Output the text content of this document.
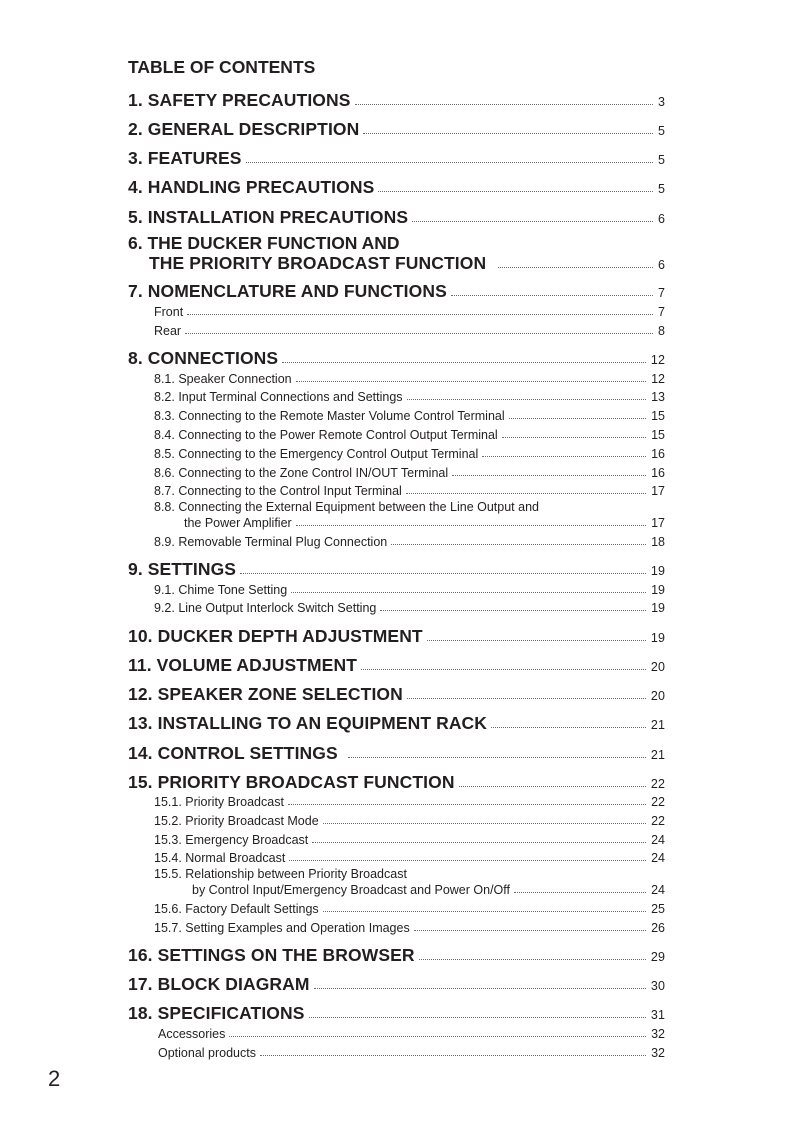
TABLE OF CONTENTS
1. SAFETY PRECAUTIONS	3
2. GENERAL DESCRIPTION	5
3. FEATURES	5
4. HANDLING PRECAUTIONS	5
5. INSTALLATION PRECAUTIONS	6
6. THE DUCKER FUNCTION AND
THE PRIORITY BROADCAST FUNCTION	6
7. NOMENCLATURE AND FUNCTIONS	7
Front	7
Rear	8
8. CONNECTIONS	12
8.1. Speaker Connection	12
8.2. Input Terminal Connections and Settings	13
8.3. Connecting to the Remote Master Volume Control Terminal	15
8.4. Connecting to the Power Remote Control Output Terminal	15
8.5. Connecting to the Emergency Control Output Terminal	16
8.6. Connecting to the Zone Control IN/OUT Terminal	16
8.7. Connecting to the Control Input Terminal	17
8.8. Connecting the External Equipment between the Line Output and
the Power Amplifier	17
8.9. Removable Terminal Plug Connection	18
9. SETTINGS	19
9.1. Chime Tone Setting	19
9.2. Line Output Interlock Switch Setting	19
10. DUCKER DEPTH ADJUSTMENT	19
11. VOLUME ADJUSTMENT	20
12. SPEAKER ZONE SELECTION	20
13. INSTALLING TO AN EQUIPMENT RACK	21
14. CONTROL SETTINGS	21
15. PRIORITY BROADCAST FUNCTION	22
15.1. Priority Broadcast	22
15.2. Priority Broadcast Mode	22
15.3. Emergency Broadcast	24
15.4. Normal Broadcast	24
15.5. Relationship between Priority Broadcast
by Control Input/Emergency Broadcast and Power On/Off	24
15.6. Factory Default Settings	25
15.7. Setting Examples and Operation Images	26
16. SETTINGS ON THE BROWSER	29
17. BLOCK DIAGRAM	30
18. SPECIFICATIONS	31
Accessories	32
Optional products	32
2
